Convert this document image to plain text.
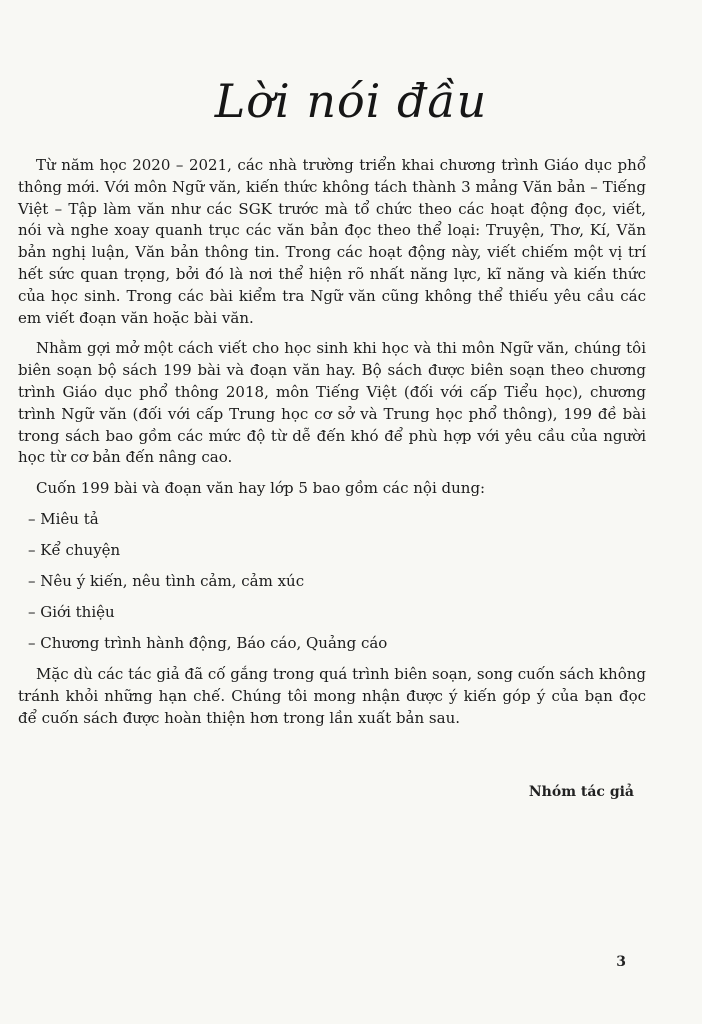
Lời nói đầu

Từ năm học 2020 – 2021, các nhà trường triển khai chương trình Giáo dục phổ thông mới. Với môn Ngữ văn, kiến thức không tách thành 3 mảng Văn bản – Tiếng Việt – Tập làm văn như các SGK trước mà tổ chức theo các hoạt động đọc, viết, nói và nghe xoay quanh trục các văn bản đọc theo thể loại: Truyện, Thơ, Kí, Văn bản nghị luận, Văn bản thông tin. Trong các hoạt động này, viết chiếm một vị trí hết sức quan trọng, bởi đó là nơi thể hiện rõ nhất năng lực, kĩ năng và kiến thức của học sinh. Trong các bài kiểm tra Ngữ văn cũng không thể thiếu yêu cầu các em viết đoạn văn hoặc bài văn.

Nhằm gợi mở một cách viết cho học sinh khi học và thi môn Ngữ văn, chúng tôi biên soạn bộ sách 199 bài và đoạn văn hay. Bộ sách được biên soạn theo chương trình Giáo dục phổ thông 2018, môn Tiếng Việt (đối với cấp Tiểu học), chương trình Ngữ văn (đối với cấp Trung học cơ sở và Trung học phổ thông), 199 đề bài trong sách bao gồm các mức độ từ dễ đến khó để phù hợp với yêu cầu của người học từ cơ bản đến nâng cao.

Cuốn 199 bài và đoạn văn hay lớp 5 bao gồm các nội dung:

– Miêu tả
– Kể chuyện
– Nêu ý kiến, nêu tình cảm, cảm xúc
– Giới thiệu
– Chương trình hành động, Báo cáo, Quảng cáo

Mặc dù các tác giả đã cố gắng trong quá trình biên soạn, song cuốn sách không tránh khỏi những hạn chế. Chúng tôi mong nhận được ý kiến góp ý của bạn đọc để cuốn sách được hoàn thiện hơn trong lần xuất bản sau.

Nhóm tác giả
3
